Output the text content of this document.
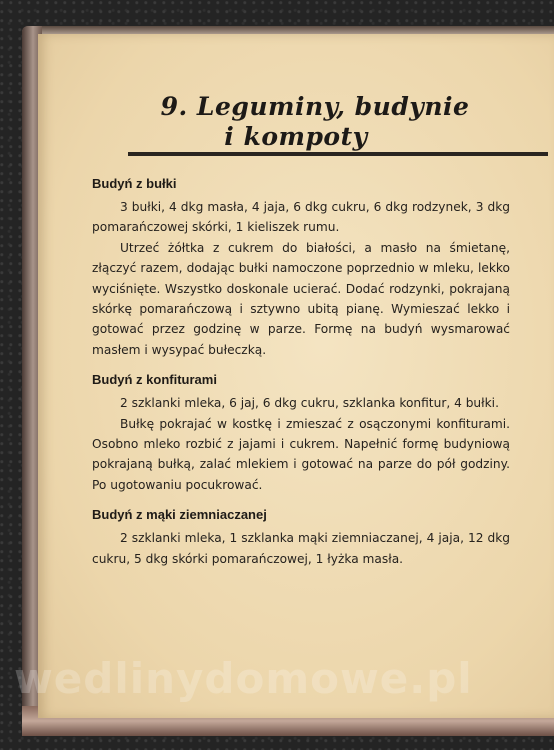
9. Leguminy, budynie
i kompoty
Budyń z bułki

3 bułki, 4 dkg masła, 4 jaja, 6 dkg cukru, 6 dkg rodzynek, 3 dkg pomarańczowej skórki, 1 kieliszek rumu.

Utrzeć żółtka z cukrem do białości, a masło na śmietanę, złączyć razem, dodając bułki namoczone poprzednio w mleku, lekko wyciśnięte. Wszystko doskonale ucierać. Dodać rodzynki, pokrajaną skórkę pomarańczową i sztywno ubitą pianę. Wymieszać lekko i gotować przez godzinę w parze. Formę na budyń wysmarować masłem i wysypać bułeczką.

Budyń z konfiturami

2 szklanki mleka, 6 jaj, 6 dkg cukru, szklanka konfitur, 4 bułki.

Bułkę pokrajać w kostkę i zmieszać z osączonymi konfiturami. Osobno mleko rozbić z jajami i cukrem. Napełnić formę budyniową pokrajaną bułką, zalać mlekiem i gotować na parze do pół godziny. Po ugotowaniu pocukrować.

Budyń z mąki ziemniaczanej

2 szklanki mleka, 1 szklanka mąki ziemniaczanej, 4 jaja, 12 dkg cukru, 5 dkg skórki pomarańczowej, 1 łyżka masła.

wedlinydomowe.pl
